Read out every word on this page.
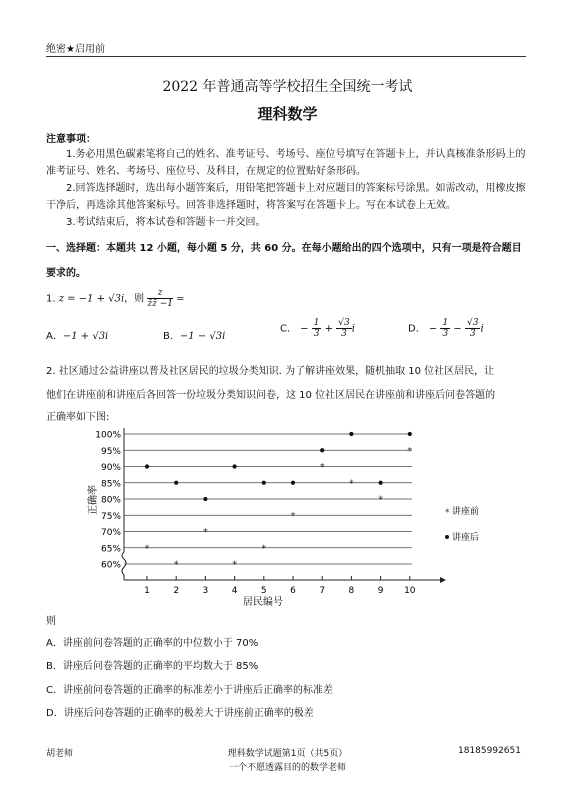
绝密★启用前
2022 年普通高等学校招生全国统一考试
理科数学
注意事项：
1.务必用黑色碳素笔将自己的姓名、准考证号、考场号、座位号填写在答题卡上，并认真核准条形码上的准考证号、姓名、考场号、座位号、及科目，在规定的位置贴好条形码。
2.回答选择题时，选出每小题答案后，用铅笔把答题卡上对应题目的答案标号涂黑。如需改动，用橡皮擦干净后，再选涂其他答案标号。回答非选择题时，将答案写在答题卡上。写在本试卷上无效。
3.考试结束后，将本试卷和答题卡一并交回。
一、选择题：本题共 12 小题，每小题 5 分，共 60 分。在每小题给出的四个选项中，只有一项是符合题目要求的。
1. z = −1 + √3i，则 $\frac{z}{z̄z̄ -1}$ =
A．−1 + √3i	B．−1 − √3i
C． − $\frac{1}{3} + \frac{√3}{3}$ i	D． − $\frac{1}{3} - \frac{√3}{3}$ i
2. 社区通过公益讲座以普及社区居民的垃圾分类知识. 为了解讲座效果，随机抽取 10 位社区居民，让
他们在讲座前和讲座后各回答一份垃圾分类知识问卷，这 10 位社区居民在讲座前和讲座后问卷答题的
正确率如下图:
60%
65%
70%
75%
80%
85%
90%
95%
100%
1	2	3	4	5	6	7	8	9 10
*
*
*
*
*
*
*
*
*
*
* 讲座前
讲座后
正确率
居民编号
则
A．讲座前问卷答题的正确率的中位数小于 70%
B．讲座后问卷答题的正确率的平均数大于 85%
C．讲座前问卷答题的正确率的标准差小于讲座后正确率的标准差
D．讲座后问卷答题的正确率的极差大于讲座前正确率的极差
胡老师	理科数学试题第1页（共5页）	18185992651
一个不愿透露目的的数学老师
